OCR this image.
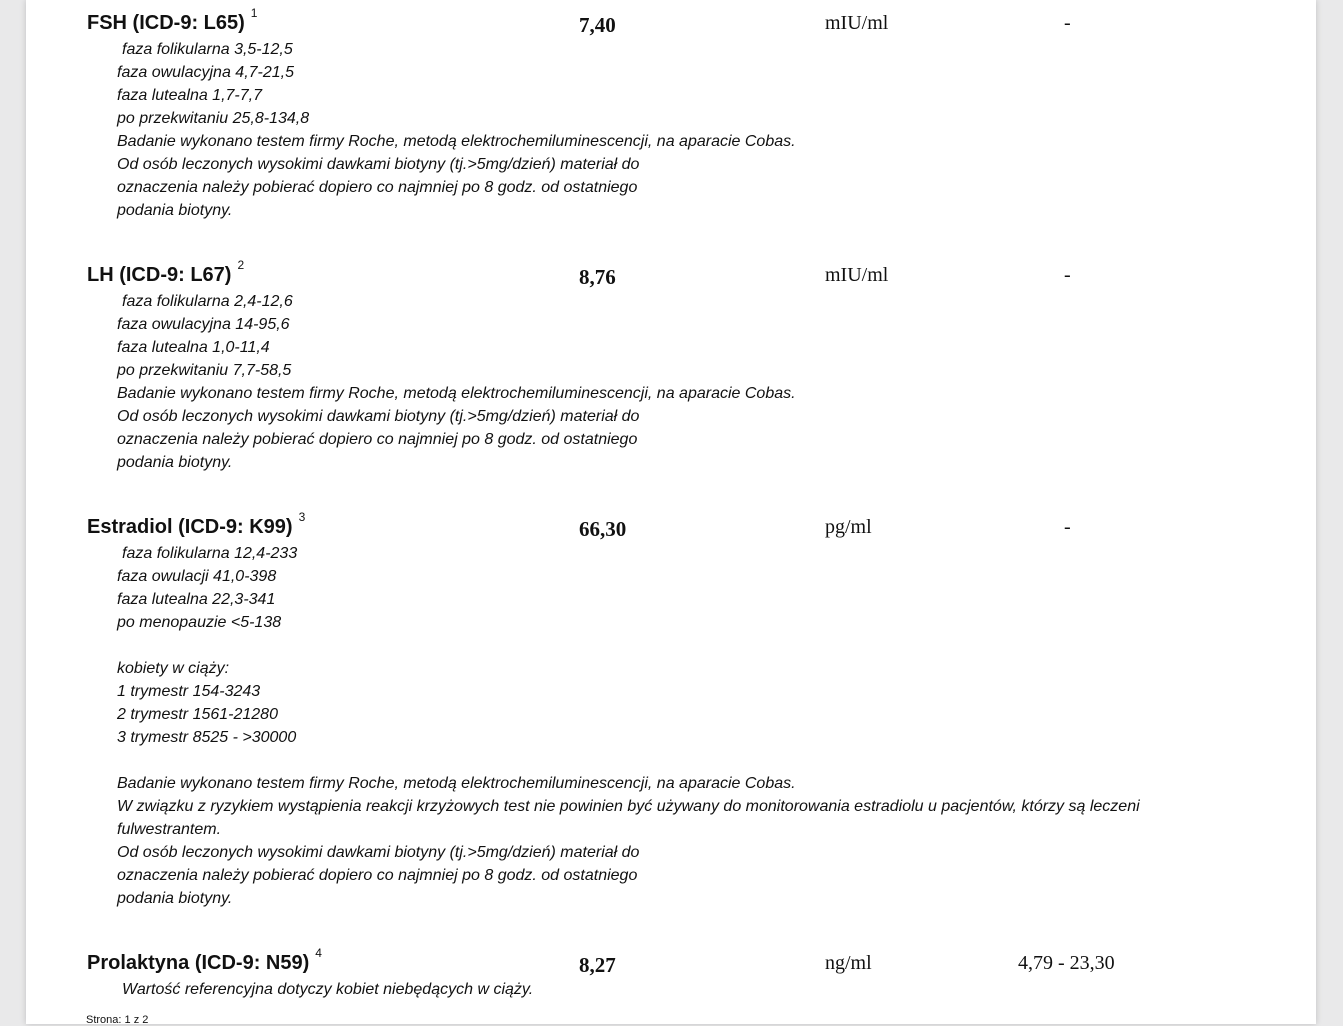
FSH (ICD-9: L65) $^1$	7,40	mIU/ml	-
faza folikularna 3,5-12,5
faza owulacyjna 4,7-21,5
faza lutealna 1,7-7,7
po przekwitaniu 25,8-134,8
Badanie wykonano testem firmy Roche, metodą elektrochemiluminescencji, na aparacie Cobas.
Od osób leczonych wysokimi dawkami biotyny (tj.>5mg/dzień) materiał do
oznaczenia należy pobierać dopiero co najmniej po 8 godz. od ostatniego
podania biotyny.
LH (ICD-9: L67) $^2$	8,76	mIU/ml	-
faza folikularna 2,4-12,6
faza owulacyjna 14-95,6
faza lutealna 1,0-11,4
po przekwitaniu 7,7-58,5
Badanie wykonano testem firmy Roche, metodą elektrochemiluminescencji, na aparacie Cobas.
Od osób leczonych wysokimi dawkami biotyny (tj.>5mg/dzień) materiał do
oznaczenia należy pobierać dopiero co najmniej po 8 godz. od ostatniego
podania biotyny.
Estradiol (ICD-9: K99) $^3$	66,30	pg/ml	-
faza folikularna 12,4-233
faza owulacji 41,0-398
faza lutealna 22,3-341
po menopauzie <5-138
kobiety w ciąży:
1 trymestr 154-3243
2 trymestr 1561-21280
3 trymestr 8525 - >30000
Badanie wykonano testem firmy Roche, metodą elektrochemiluminescencji, na aparacie Cobas.
W związku z ryzykiem wystąpienia reakcji krzyżowych test nie powinien być używany do monitorowania estradiolu u pacjentów, którzy są leczeni
fulwestrantem.
Od osób leczonych wysokimi dawkami biotyny (tj.>5mg/dzień) materiał do
oznaczenia należy pobierać dopiero co najmniej po 8 godz. od ostatniego
podania biotyny.
Prolaktyna (ICD-9: N59) $^4$	8,27	ng/ml	4,79 - 23,30
Wartość referencyjna dotyczy kobiet niebędących w ciąży.
Strona: 1 z 2
